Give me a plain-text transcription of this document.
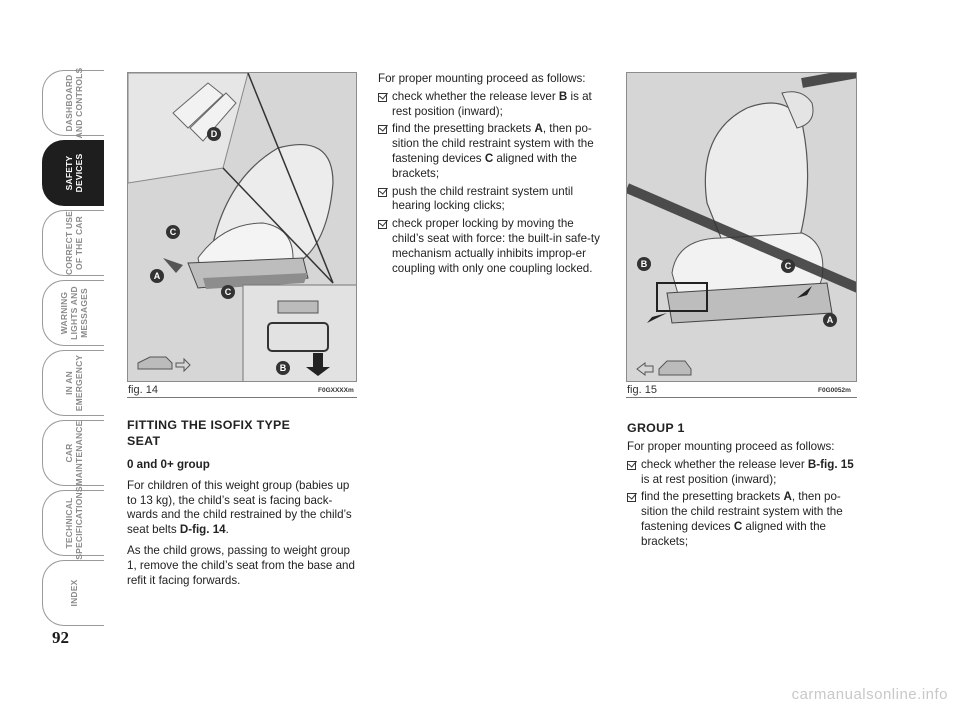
DASHBOARD
AND CONTROLS
SAFETY
DEVICES
CORRECT USE
OF THE CAR
WARNING
LIGHTS AND
MESSAGES
IN AN
EMERGENCY
CAR
MAINTENANCE
TECHNICAL
SPECIFICATIONS
INDEX
92
D
C
A
C
B
fig. 14	F0GXXXXm
B	C
A
fig. 15	F0G0052m
FITTING THE ISOFIX TYPE SEAT

0 and 0+ group

For children of this weight group (babies up to 13 kg), the child’s seat is facing back-wards and the child restrained by the child’s seat belts D-fig. 14.

As the child grows, passing to weight group 1, remove the child’s seat from the base and refit it facing forwards.

For proper mounting proceed as follows:

check whether the release lever B is at rest position (inward);
find the presetting brackets A, then po-sition the child restraint system with the fastening devices C aligned with the brackets;
push the child restraint system until hearing locking clicks;
check proper locking by moving the child’s seat with force: the built-in safe-ty mechanism actually inhibits improp-er coupling with only one coupling locked.

GROUP 1

For proper mounting proceed as follows:

check whether the release lever B-fig. 15 is at rest position (inward);
find the presetting brackets A, then po-sition the child restraint system with the fastening devices C aligned with the brackets;
carmanualsonline.info
